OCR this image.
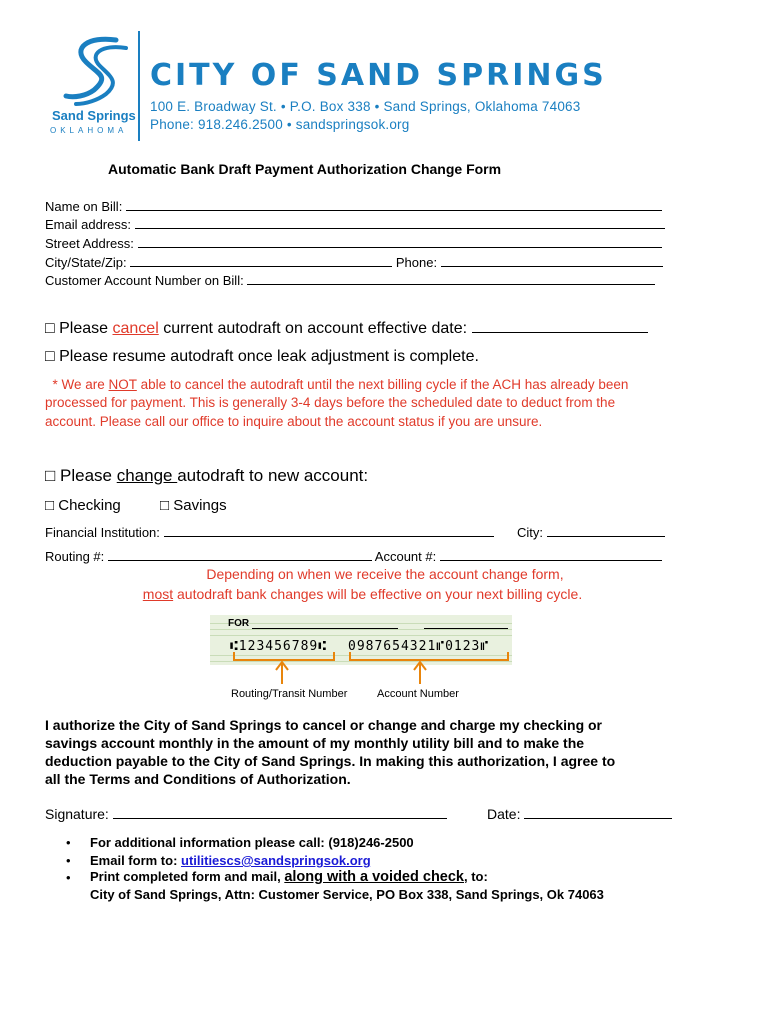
Sand Springs
OKLAHOMA
CITY OF SAND SPRINGS
100 E. Broadway St. • P.O. Box 338 • Sand Springs, Oklahoma 74063
Phone: 918.246.2500 • sandspringsok.org
Automatic Bank Draft Payment Authorization Change Form
Name on Bill:
Email address:
Street Address:
City/State/Zip:	Phone:
Customer Account Number on Bill:
□ Please cancel current autodraft on account effective date:
□ Please resume autodraft once leak adjustment is complete.
* We are NOT able to cancel the autodraft until the next billing cycle if the ACH has already been
processed for payment. This is generally 3-4 days before the scheduled date to deduct from the
account. Please call our office to inquire about the account status if you are unsure.
□ Please change autodraft to new account:
□ Checking	□ Savings
Financial Institution:	City:
Routing #:	Account #:
Depending on when we receive the account change form,
most autodraft bank changes will be effective on your next billing cycle.
FOR
⑆123456789⑆ 0987654321⑈0123⑈
Routing/Transit Number	Account Number
I authorize the City of Sand Springs to cancel or change and charge my checking or
savings account monthly in the amount of my monthly utility bill and to make the
deduction payable to the City of Sand Springs. In making this authorization, I agree to
all the Terms and Conditions of Authorization.
Signature:	Date:
• For additional information please call: (918)246-2500
• Email form to: utilitiescs@sandspringsok.org
• Print completed form and mail, along with a voided check, to:
City of Sand Springs, Attn: Customer Service, PO Box 338, Sand Springs, Ok 74063
